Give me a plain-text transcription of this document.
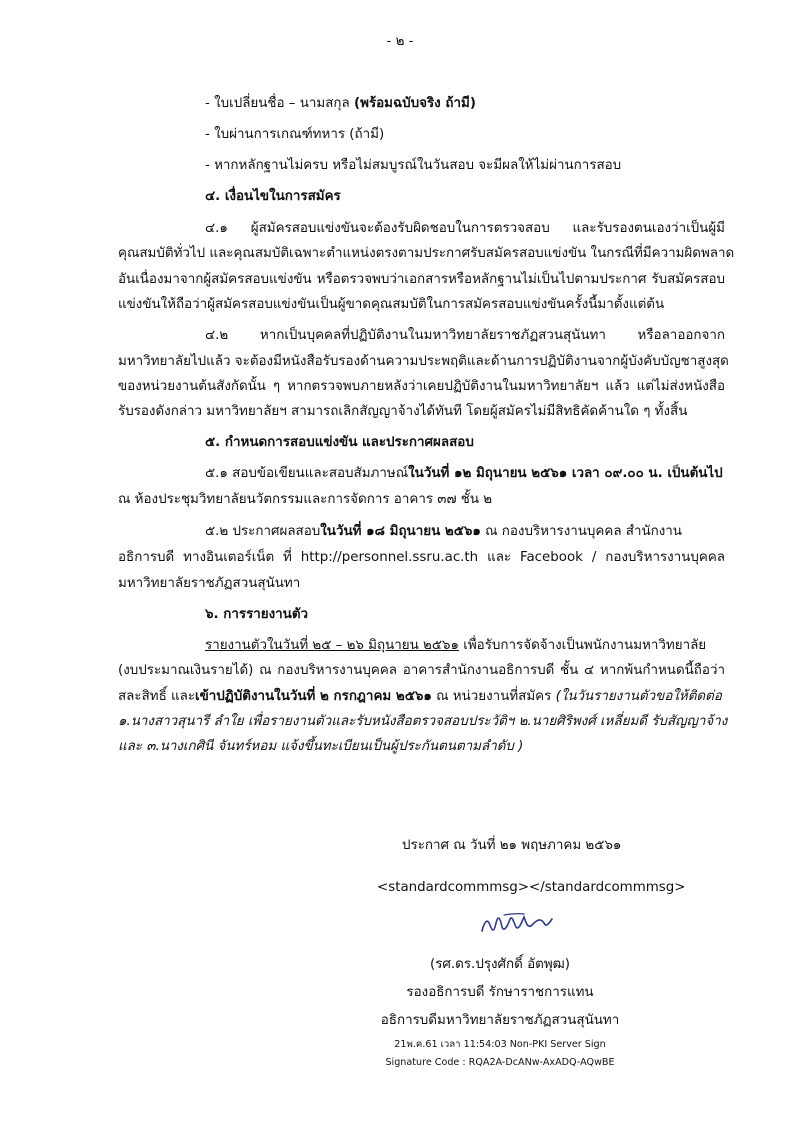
- ๒ -
- ใบเปลี่ยนชื่อ – นามสกุล (พร้อมฉบับจริง ถ้ามี)
- ใบผ่านการเกณฑ์ทหาร (ถ้ามี)
- หากหลักฐานไม่ครบ หรือไม่สมบูรณ์ในวันสอบ จะมีผลให้ไม่ผ่านการสอบ
๔. เงื่อนไขในการสมัคร
๔.๑ ผู้สมัครสอบแข่งขันจะต้องรับผิดชอบในการตรวจสอบ และรับรองตนเองว่าเป็นผู้มี
คุณสมบัติทั่วไป และคุณสมบัติเฉพาะตำแหน่งตรงตามประกาศรับสมัครสอบแข่งขัน ในกรณีที่มีความผิดพลาด
อันเนื่องมาจากผู้สมัครสอบแข่งขัน หรือตรวจพบว่าเอกสารหรือหลักฐานไม่เป็นไปตามประกาศ รับสมัครสอบ
แข่งขันให้ถือว่าผู้สมัครสอบแข่งขันเป็นผู้ขาดคุณสมบัติในการสมัครสอบแข่งขันครั้งนี้มาตั้งแต่ต้น
๔.๒ หากเป็นบุคคลที่ปฏิบัติงานในมหาวิทยาลัยราชภัฏสวนสุนันทา หรือลาออกจาก
มหาวิทยาลัยไปแล้ว จะต้องมีหนังสือรับรองด้านความประพฤติและด้านการปฏิบัติงานจากผู้บังคับบัญชาสูงสุด
ของหน่วยงานต้นสังกัดนั้น ๆ หากตรวจพบภายหลังว่าเคยปฏิบัติงานในมหาวิทยาลัยฯ แล้ว แต่ไม่ส่งหนังสือ
รับรองดังกล่าว มหาวิทยาลัยฯ สามารถเลิกสัญญาจ้างได้ทันที โดยผู้สมัครไม่มีสิทธิคัดค้านใด ๆ ทั้งสิ้น
๕. กำหนดการสอบแข่งขัน และประกาศผลสอบ
๕.๑ สอบข้อเขียนและสอบสัมภาษณ์ในวันที่ ๑๒ มิถุนายน ๒๕๖๑ เวลา ๐๙.๐๐ น. เป็นต้นไป
ณ ห้องประชุมวิทยาลัยนวัตกรรมและการจัดการ อาคาร ๓๗ ชั้น ๒
๕.๒ ประกาศผลสอบในวันที่ ๑๘ มิถุนายน ๒๕๖๑ ณ กองบริหารงานบุคคล สำนักงาน
อธิการบดี ทางอินเตอร์เน็ต ที่ http://personnel.ssru.ac.th และ Facebook / กองบริหารงานบุคคล
มหาวิทยาลัยราชภัฏสวนสุนันทา
๖. การรายงานตัว
รายงานตัวในวันที่ ๒๕ – ๒๖ มิถุนายน ๒๕๖๑ เพื่อรับการจัดจ้างเป็นพนักงานมหาวิทยาลัย
(งบประมาณเงินรายได้) ณ กองบริหารงานบุคคล อาคารสำนักงานอธิการบดี ชั้น ๔ หากพ้นกำหนดนี้ถือว่า
สละสิทธิ์ และเข้าปฏิบัติงานในวันที่ ๒ กรกฎาคม ๒๕๖๑ ณ หน่วยงานที่สมัคร (ในวันรายงานตัวขอให้ติดต่อ
๑.นางสาวสุนารี ลำใย เพื่อรายงานตัวและรับหนังสือตรวจสอบประวัติฯ ๒.นายศิริพงศ์ เหลี่ยมดี รับสัญญาจ้าง
และ ๓.นางเกศินี จันทร์หอม แจ้งขึ้นทะเบียนเป็นผู้ประกันตนตามลำดับ )
ประกาศ ณ วันที่ ๒๑ พฤษภาคม ๒๕๖๑
<standardcommmsg></standardcommmsg>
(รศ.ดร.ปรุงศักดิ์ อัตพุฒ)
รองอธิการบดี รักษาราชการแทน
อธิการบดีมหาวิทยาลัยราชภัฏสวนสุนันทา
21พ.ค.61 เวลา 11:54:03 Non-PKI Server Sign
Signature Code : RQA2A-DcANw-AxADQ-AQwBE
